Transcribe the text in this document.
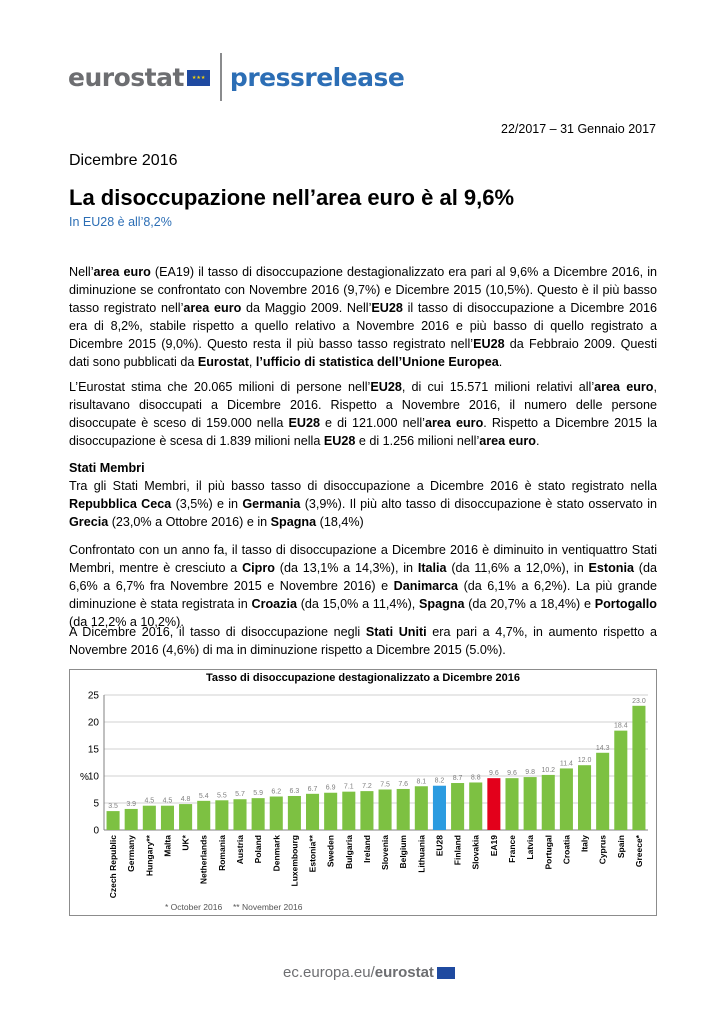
eurostat
★★★ pressrelease
22/2017 – 31 Gennaio 2017
Dicembre 2016
La disoccupazione nell’area euro è al 9,6%
In EU28 è all’8,2%
Nell’area euro (EA19) il tasso di disoccupazione destagionalizzato era pari al 9,6% a Dicembre 2016, in diminuzione se confrontato con Novembre 2016 (9,7%) e Dicembre 2015 (10,5%). Questo è il più basso tasso registrato nell’area euro da Maggio 2009. Nell’EU28 il tasso di disoccupazione a Dicembre 2016 era di 8,2%, stabile rispetto a quello relativo a Novembre 2016 e più basso di quello registrato a Dicembre 2015 (9,0%). Questo resta il più basso tasso registrato nell’EU28 da Febbraio 2009. Questi dati sono pubblicati da Eurostat, l’ufficio di statistica dell’Unione Europea.
L’Eurostat stima che 20.065 milioni di persone nell’EU28, di cui 15.571 milioni relativi all’area euro, risultavano disoccupati a Dicembre 2016. Rispetto a Novembre 2016, il numero delle persone disoccupate è sceso di 159.000 nella EU28 e di 121.000 nell’area euro. Rispetto a Dicembre 2015 la disoccupazione è scesa di 1.839 milioni nella EU28 e di 1.256 milioni nell’area euro.
Stati Membri
Tra gli Stati Membri, il più basso tasso di disoccupazione a Dicembre 2016 è stato registrato nella Repubblica Ceca (3,5%) e in Germania (3,9%). Il più alto tasso di disoccupazione è stato osservato in Grecia (23,0% a Ottobre 2016) e in Spagna (18,4%)
Confrontato con un anno fa, il tasso di disoccupazione a Dicembre 2016 è diminuito in ventiquattro Stati Membri, mentre è cresciuto a Cipro (da 13,1% a 14,3%), in Italia (da 11,6% a 12,0%), in Estonia (da 6,6% a 6,7% fra Novembre 2015 e Novembre 2016) e Danimarca (da 6,1% a 6,2%). La più grande diminuzione è stata registrata in Croazia (da 15,0% a 11,4%), Spagna (da 20,7% a 18,4%) e Portogallo (da 12,2% a 10,2%).
A Dicembre 2016, il tasso di disoccupazione negli Stati Uniti era pari a 4,7%, in aumento rispetto a Novembre 2016 (4,6%) di ma in diminuzione rispetto a Dicembre 2015 (5.0%).
Tasso di disoccupazione destagionalizzato a Dicembre 2016
0
5
10
15
20
25
%
3.5
Czech Republic
3.9
Germany
4.5
Hungary**
4.5
Malta
4.8
UK*
5.4
Netherlands
5.5
Romania
5.7
Austria
5.9
Poland
6.2
Denmark
6.3
Luxembourg
6.7
Estonia**
6.9
Sweden
7.1
Bulgaria
7.2
Ireland
7.5
Slovenia
7.6
Belgium
8.1
Lithuania
8.2
EU28
8.7
Finland
8.8
Slovakia
9.6
EA19
9.6
France
9.8
Latvia
10.2
Portugal
11.4
Croatia
12.0
Italy
14.3
Cyprus
18.4
Spain
23.0
Greece*
* October 2016 ** November 2016
ec.europa.eu/ eurostat
